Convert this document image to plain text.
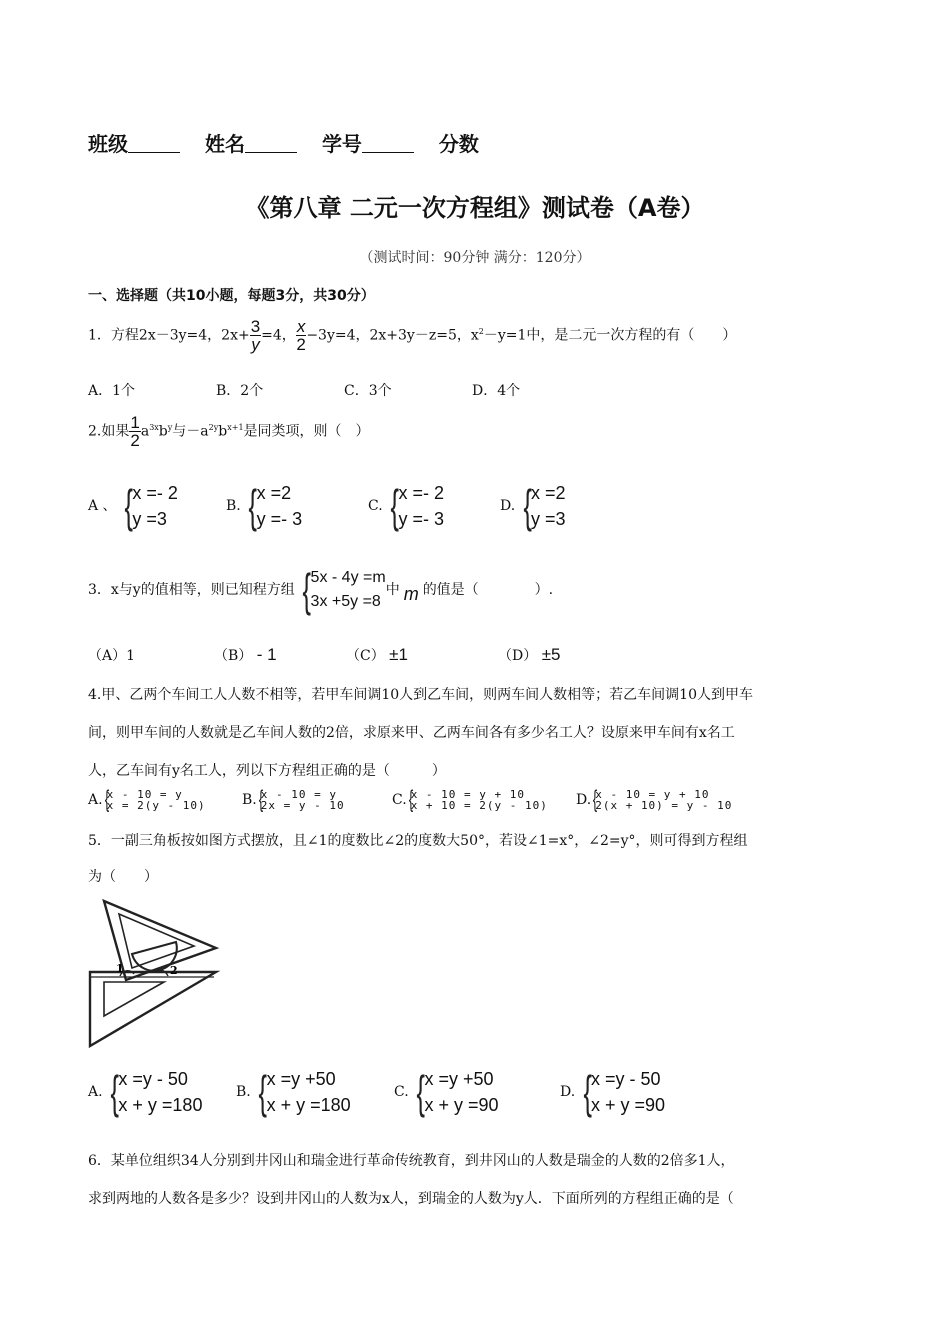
班级	姓名	学号	分数
《第八章 二元一次方程组》测试卷（A卷）
（测试时间：90分钟 满分：120分）
一、选择题（共10小题，每题3分，共30分）
1．方程2x－3y=4，$2x+ \frac{3}{y} =4$， $\frac{x}{2} -3y=4$，2x+3y－z=5，$x^2-y=1$中，是二元一次方程的有（　　）
A．1个	B．2个	C．3个	D．4个
2.如果 $\frac{1}{2} a^{3x}b^y$与$-a^{2y}b^{x+1}$是同类项，则（　）
A 、 { x =- 2
y =3
B. { x =2
y =- 3
C. { x =- 2
y =- 3
D. { x =2
y =3
3．x与y的值相等，则已知程方组 { 5x - 4y =m
3x +5y =8
中 m 的值是（　　　　）.
（A）1	（B） - 1	（C） ±1	（D） ±5
4.甲、乙两个车间工人人数不相等，若甲车间调10人到乙车间，则两车间人数相等；若乙车间调10人到甲车
间，则甲车间的人数就是乙车间人数的2倍，求原来甲、乙两车间各有多少名工人？设原来甲车间有x名工
人，乙车间有y名工人，列以下方程组正确的是（　　　）
A. {
x - 10 = y
x = 2(y - 10)	B. {
x - 10 = y
2x = y - 10	C. {
x - 10 = y + 10
x + 10 = 2(y - 10) D. {
x - 10 = y + 10
2(x + 10) = y - 10
5．一副三角板按如图方式摆放，且∠1的度数比∠2的度数大50°，若设∠1=x°，∠2=y°，则可得到方程组
为（　　）
1	2
A. { x =y - 50
x + y =180
B. { x =y +50
x + y =180
C. { x =y +50
x + y =90
D. { x =y - 50
x + y =90
6．某单位组织34人分别到井冈山和瑞金进行革命传统教育，到井冈山的人数是瑞金的人数的2倍多1人，
求到两地的人数各是多少？设到井冈山的人数为x人，到瑞金的人数为y人．下面所列的方程组正确的是（
